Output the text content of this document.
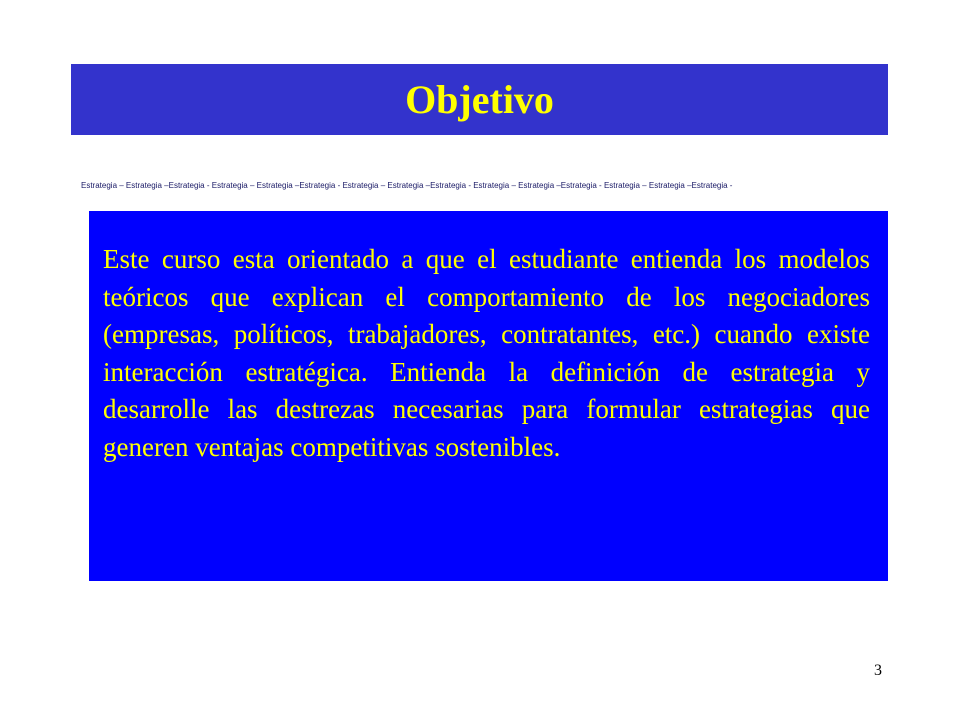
Objetivo
Estrategia – Estrategia –Estrategia - Estrategia – Estrategia –Estrategia - Estrategia – Estrategia –Estrategia - Estrategia – Estrategia –Estrategia - Estrategia – Estrategia –Estrategia -

Este curso esta orientado a que el estudiante entienda los modelos teóricos que explican el comportamiento de los negociadores (empresas, políticos, trabajadores, contratantes, etc.) cuando existe interacción estratégica. Entienda la definición de estrategia y desarrolle las destrezas necesarias para formular estrategias que generen ventajas competitivas sostenibles.

3
